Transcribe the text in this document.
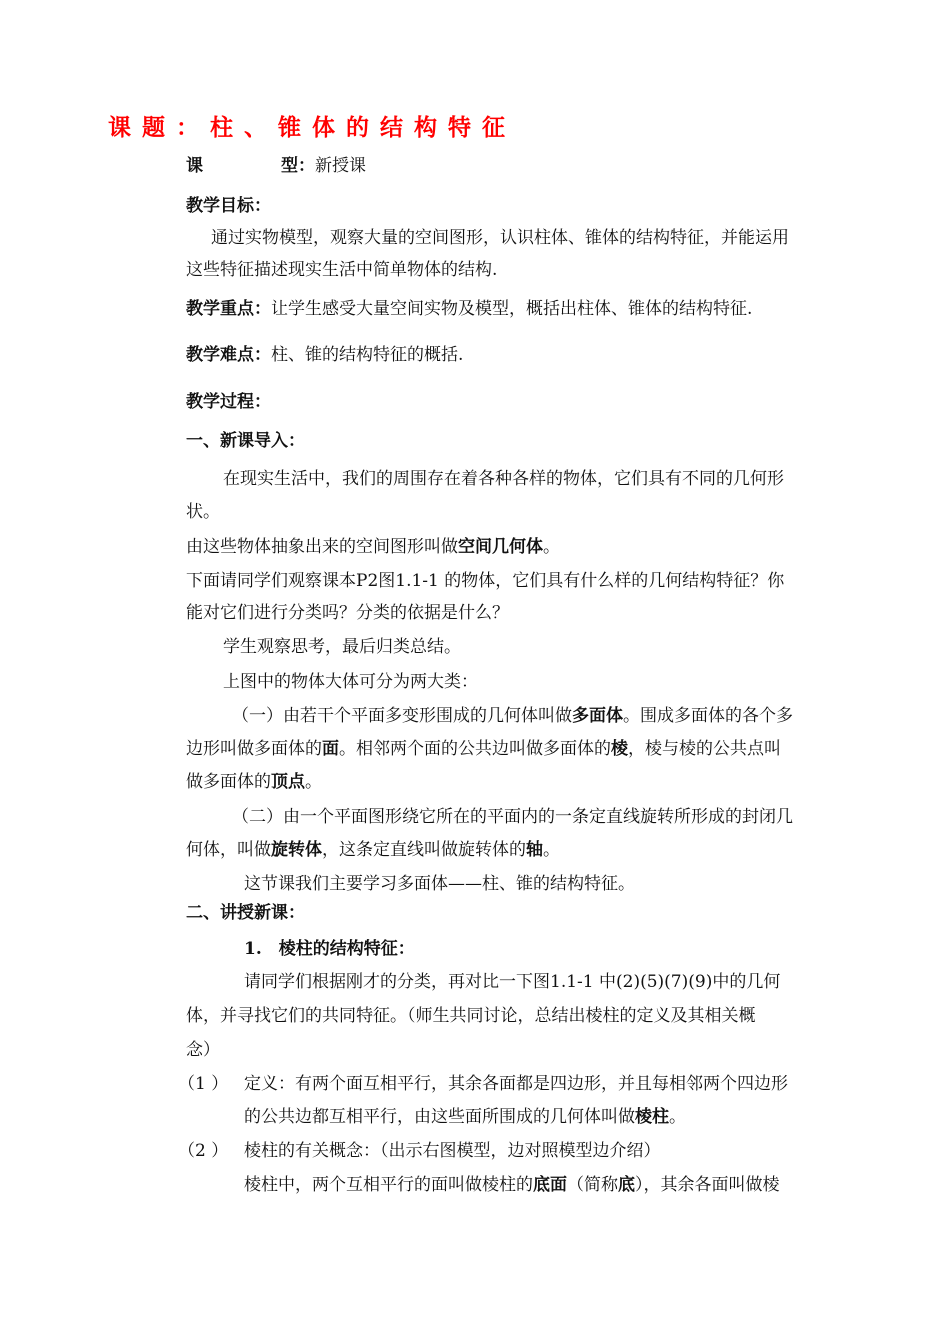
课题：柱、锥体的结构特征
课	型：新授课
教学目标：
通过实物模型，观察大量的空间图形，认识柱体、锥体的结构特征，并能运用
这些特征描述现实生活中简单物体的结构.
教学重点：让学生感受大量空间实物及模型，概括出柱体、锥体的结构特征.
教学难点：柱、锥的结构特征的概括.
教学过程：
一、新课导入：
在现实生活中，我们的周围存在着各种各样的物体，它们具有不同的几何形
状。
由这些物体抽象出来的空间图形叫做空间几何体。
下面请同学们观察课本P2图1.1-1 的物体，它们具有什么样的几何结构特征？你
能对它们进行分类吗？分类的依据是什么？
学生观察思考，最后归类总结。
上图中的物体大体可分为两大类：
（一）由若干个平面多变形围成的几何体叫做多面体。围成多面体的各个多
边形叫做多面体的面。相邻两个面的公共边叫做多面体的棱，棱与棱的公共点叫
做多面体的顶点。
（二）由一个平面图形绕它所在的平面内的一条定直线旋转所形成的封闭几
何体，叫做旋转体，这条定直线叫做旋转体的轴。
这节课我们主要学习多面体——柱、锥的结构特征。
二、讲授新课：
1.　棱柱的结构特征：
请同学们根据刚才的分类，再对比一下图1.1-1 中(2)(5)(7)(9)中的几何
体，并寻找它们的共同特征。（师生共同讨论，总结出棱柱的定义及其相关概
念）
（1 ） 定义：有两个面互相平行，其余各面都是四边形，并且每相邻两个四边形
的公共边都互相平行，由这些面所围成的几何体叫做棱柱。
（2 ） 棱柱的有关概念：（出示右图模型，边对照模型边介绍）
棱柱中，两个互相平行的面叫做棱柱的底面（简称底），其余各面叫做棱
